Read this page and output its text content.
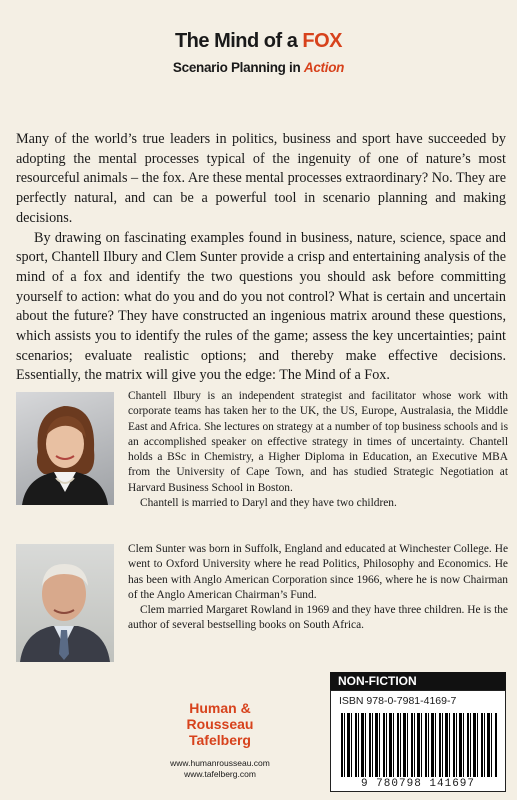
The Mind of a FOX
Scenario Planning in Action

Many of the world’s true leaders in politics, business and sport have succeeded by adopting the mental processes typical of the ingenuity of one of nature’s most resourceful animals – the fox. Are these mental processes extraordinary? No. They are perfectly natural, and can be a powerful tool in scenario planning and making decisions.

By drawing on fascinating examples found in business, nature, science, space and sport, Chantell Ilbury and Clem Sunter provide a crisp and entertaining analysis of the mind of a fox and identify the two questions you should ask before committing yourself to action: what do you and do you not control? What is certain and uncertain about the future? They have constructed an ingenious matrix around these questions, which assists you to identify the rules of the game; assess the key uncertainties; paint scenarios; evaluate realistic options; and thereby make effective decisions. Essentially, the matrix will give you the edge: The Mind of a Fox.

Chantell Ilbury is an independent strategist and facilitator whose work with corporate teams has taken her to the UK, the US, Europe, Australasia, the Middle East and Africa. She lectures on strategy at a number of top business schools and is an accomplished speaker on effective strategy in times of uncertainty. Chantell holds a BSc in Chemistry, a Higher Diploma in Education, an Executive MBA from the University of Cape Town, and has studied Strategic Negotiation at Harvard Business School in Boston.

Chantell is married to Daryl and they have two children.

Clem Sunter was born in Suffolk, England and educated at Winchester College. He went to Oxford University where he read Politics, Philosophy and Economics. He has been with Anglo American Corporation since 1966, where he is now Chairman of the Anglo American Chairman’s Fund.

Clem married Margaret Rowland in 1969 and they have three children. He is the author of several bestselling books on South Africa.

Human &
Rousseau
Tafelberg
www.humanrousseau.com
www.tafelberg.com
NON-FICTION
ISBN 978-0-7981-4169-7
9 780798 141697
